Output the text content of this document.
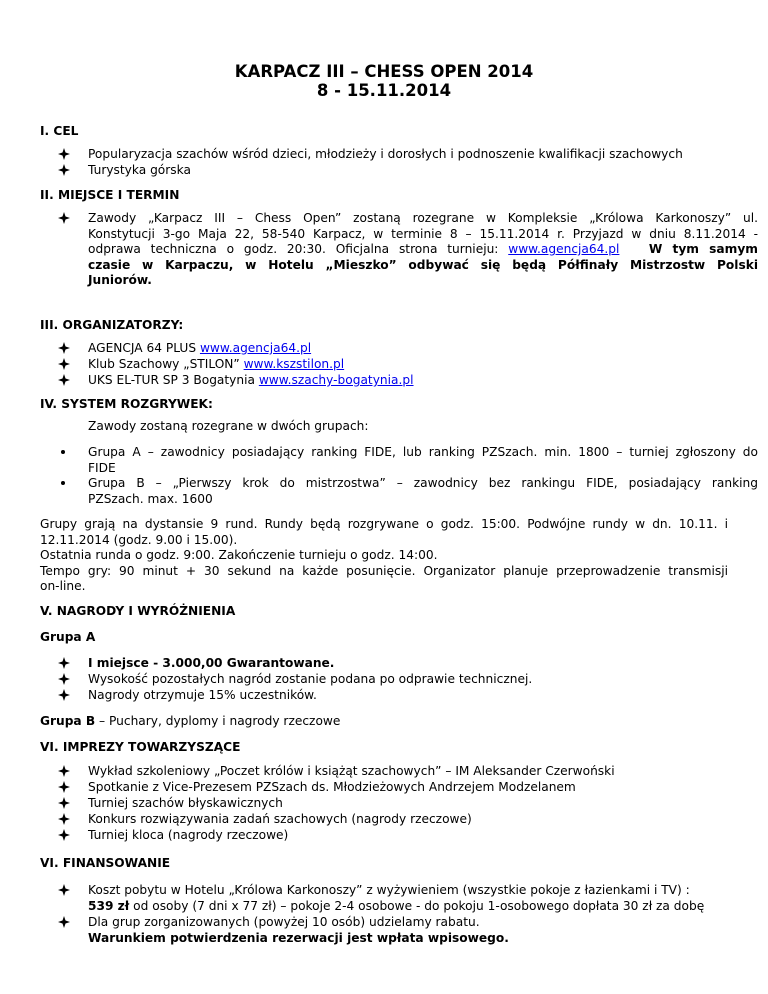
KARPACZ III – CHESS OPEN 2014
8 - 15.11.2014
I. CEL
Popularyzacja szachów wśród dzieci, młodzieży i dorosłych i podnoszenie kwalifikacji szachowych
Turystyka górska
II. MIEJSCE I TERMIN
Zawody „Karpacz III – Chess Open” zostaną rozegrane w Kompleksie „Królowa Karkonoszy” ul.
Konstytucji 3-go Maja 22, 58-540 Karpacz, w terminie 8 – 15.11.2014 r. Przyjazd w dniu 8.11.2014 -
odprawa techniczna o godz. 20:30. Oficjalna strona turnieju: www.agencja64.pl W tym samym
czasie w Karpaczu, w Hotelu „Mieszko” odbywać się będą Półfinały Mistrzostw Polski
Juniorów.
III. ORGANIZATORZY:
AGENCJA 64 PLUS www.agencja64.pl
Klub Szachowy „STILON” www.kszstilon.pl
UKS EL-TUR SP 3 Bogatynia www.szachy-bogatynia.pl
IV. SYSTEM ROZGRYWEK:
Zawody zostaną rozegrane w dwóch grupach:
Grupa A – zawodnicy posiadający ranking FIDE, lub ranking PZSzach. min. 1800 – turniej zgłoszony do
FIDE
Grupa B – „Pierwszy krok do mistrzostwa” – zawodnicy bez rankingu FIDE, posiadający ranking
PZSzach. max. 1600
Grupy grają na dystansie 9 rund. Rundy będą rozgrywane o godz. 15:00. Podwójne rundy w dn. 10.11. i
12.11.2014 (godz. 9.00 i 15.00).
Ostatnia runda o godz. 9:00. Zakończenie turnieju o godz. 14:00.
Tempo gry: 90 minut + 30 sekund na każde posunięcie. Organizator planuje przeprowadzenie transmisji
on-line.
V. NAGRODY I WYRÓŻNIENIA
Grupa A
I miejsce - 3.000,00 Gwarantowane.
Wysokość pozostałych nagród zostanie podana po odprawie technicznej.
Nagrody otrzymuje 15% uczestników.
Grupa B – Puchary, dyplomy i nagrody rzeczowe
VI. IMPREZY TOWARZYSZĄCE
Wykład szkoleniowy „Poczet królów i książąt szachowych” – IM Aleksander Czerwoński
Spotkanie z Vice-Prezesem PZSzach ds. Młodzieżowych Andrzejem Modzelanem
Turniej szachów błyskawicznych
Konkurs rozwiązywania zadań szachowych (nagrody rzeczowe)
Turniej kloca (nagrody rzeczowe)
VI. FINANSOWANIE
Koszt pobytu w Hotelu „Królowa Karkonoszy” z wyżywieniem (wszystkie pokoje z łazienkami i TV) :
539 zł od osoby (7 dni x 77 zł) – pokoje 2-4 osobowe - do pokoju 1-osobowego dopłata 30 zł za dobę
Dla grup zorganizowanych (powyżej 10 osób) udzielamy rabatu.
Warunkiem potwierdzenia rezerwacji jest wpłata wpisowego.
